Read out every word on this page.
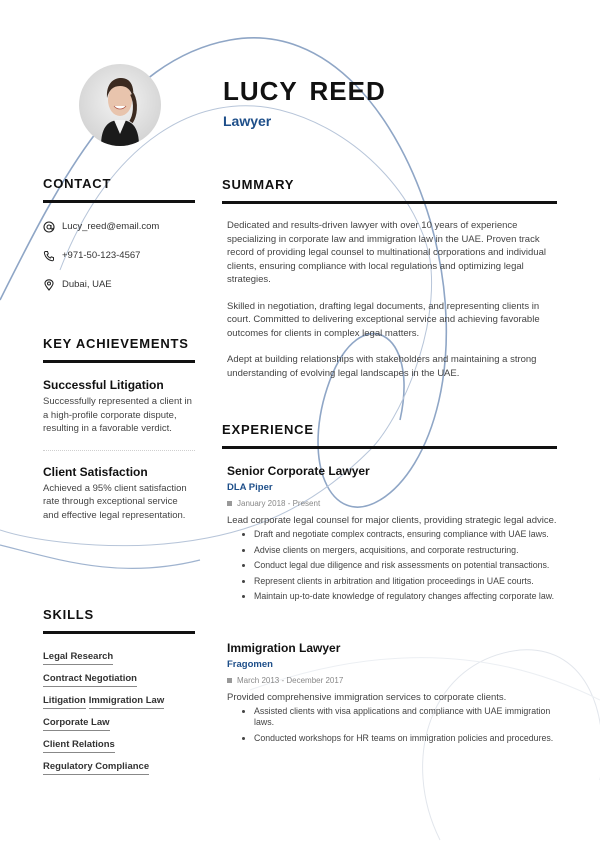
LUCY REED
Lawyer
CONTACT
Lucy_reed@email.com
+971-50-123-4567
Dubai, UAE
KEY ACHIEVEMENTS
Successful Litigation

Successfully represented a client in a high-profile corporate dispute, resulting in a favorable verdict.

Client Satisfaction

Achieved a 95% client satisfaction rate through exceptional service and effective legal representation.

SKILLS
Legal Research
Contract Negotiation
Litigation Immigration Law
Corporate Law
Client Relations
Regulatory Compliance
SUMMARY

Dedicated and results-driven lawyer with over 10 years of experience specializing in corporate law and immigration law in the UAE. Proven track record of providing legal counsel to multinational corporations and individual clients, ensuring compliance with local regulations and optimizing legal strategies.

Skilled in negotiation, drafting legal documents, and representing clients in court. Committed to delivering exceptional service and achieving favorable outcomes for clients in complex legal matters.

Adept at building relationships with stakeholders and maintaining a strong understanding of evolving legal landscapes in the UAE.

EXPERIENCE
Senior Corporate Lawyer
DLA Piper
January 2018 - Present
Lead corporate legal counsel for major clients, providing strategic legal advice.
• Draft and negotiate complex contracts, ensuring compliance with UAE laws.
• Advise clients on mergers, acquisitions, and corporate restructuring.
• Conduct legal due diligence and risk assessments on potential transactions.
• Represent clients in arbitration and litigation proceedings in UAE courts.
• Maintain up-to-date knowledge of regulatory changes affecting corporate law.
Immigration Lawyer
Fragomen
March 2013 - December 2017
Provided comprehensive immigration services to corporate clients.
• Assisted clients with visa applications and compliance with UAE immigration laws.
• Conducted workshops for HR teams on immigration policies and procedures.
